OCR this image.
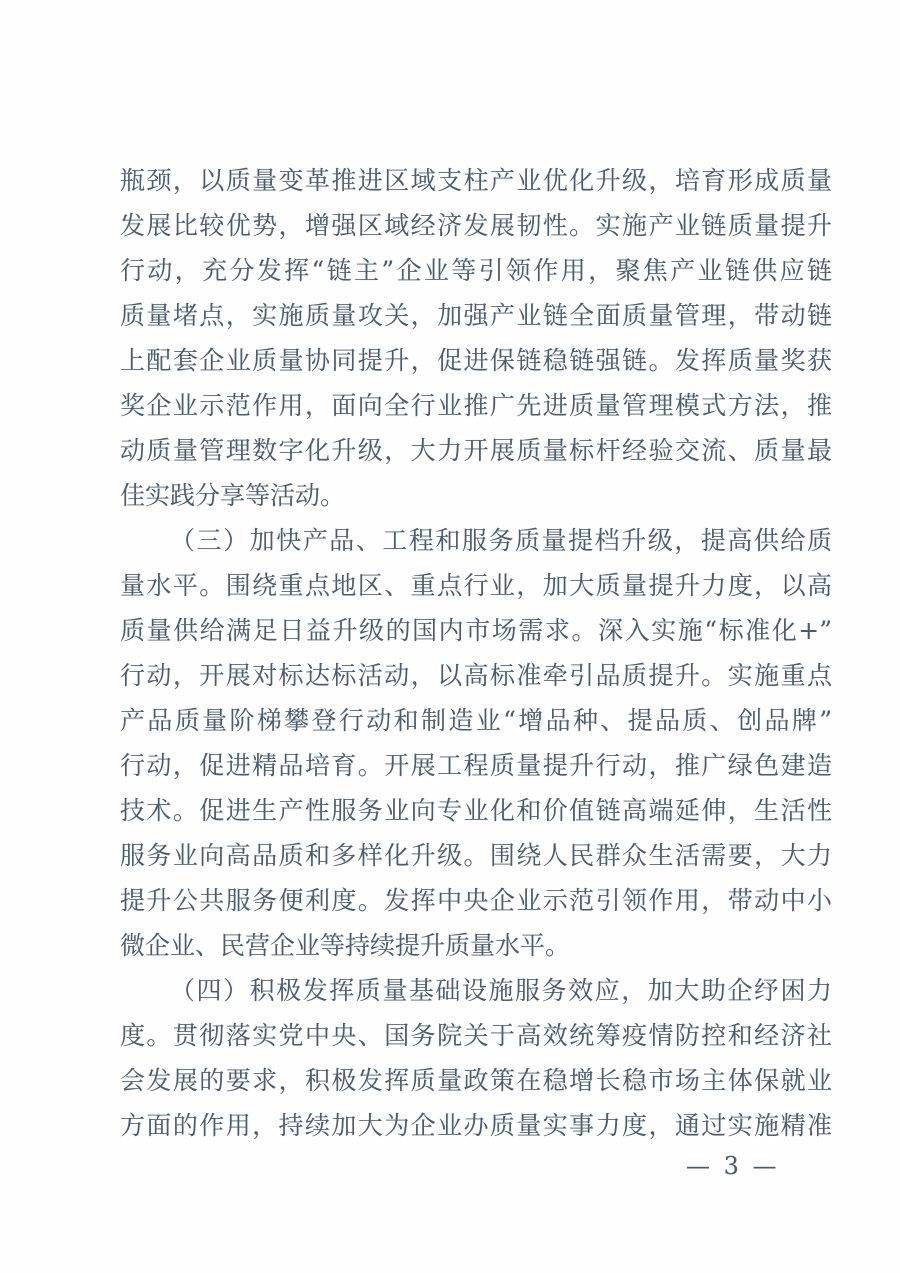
瓶颈，以质量变革推进区域支柱产业优化升级，培育形成质量
发展比较优势，增强区域经济发展韧性。实施产业链质量提升
行动，充分发挥“链主”企业等引领作用，聚焦产业链供应链
质量堵点，实施质量攻关，加强产业链全面质量管理，带动链
上配套企业质量协同提升，促进保链稳链强链。发挥质量奖获
奖企业示范作用，面向全行业推广先进质量管理模式方法，推
动质量管理数字化升级，大力开展质量标杆经验交流、质量最
佳实践分享等活动。
（三）加快产品、工程和服务质量提档升级，提高供给质
量水平。围绕重点地区、重点行业，加大质量提升力度，以高
质量供给满足日益升级的国内市场需求。深入实施“标准化+”
行动，开展对标达标活动，以高标准牵引品质提升。实施重点
产品质量阶梯攀登行动和制造业“增品种、提品质、创品牌”
行动，促进精品培育。开展工程质量提升行动，推广绿色建造
技术。促进生产性服务业向专业化和价值链高端延伸，生活性
服务业向高品质和多样化升级。围绕人民群众生活需要，大力
提升公共服务便利度。发挥中央企业示范引领作用，带动中小
微企业、民营企业等持续提升质量水平。
（四）积极发挥质量基础设施服务效应，加大助企纾困力
度。贯彻落实党中央、国务院关于高效统筹疫情防控和经济社
会发展的要求，积极发挥质量政策在稳增长稳市场主体保就业
方面的作用，持续加大为企业办质量实事力度，通过实施精准
— 3 —
